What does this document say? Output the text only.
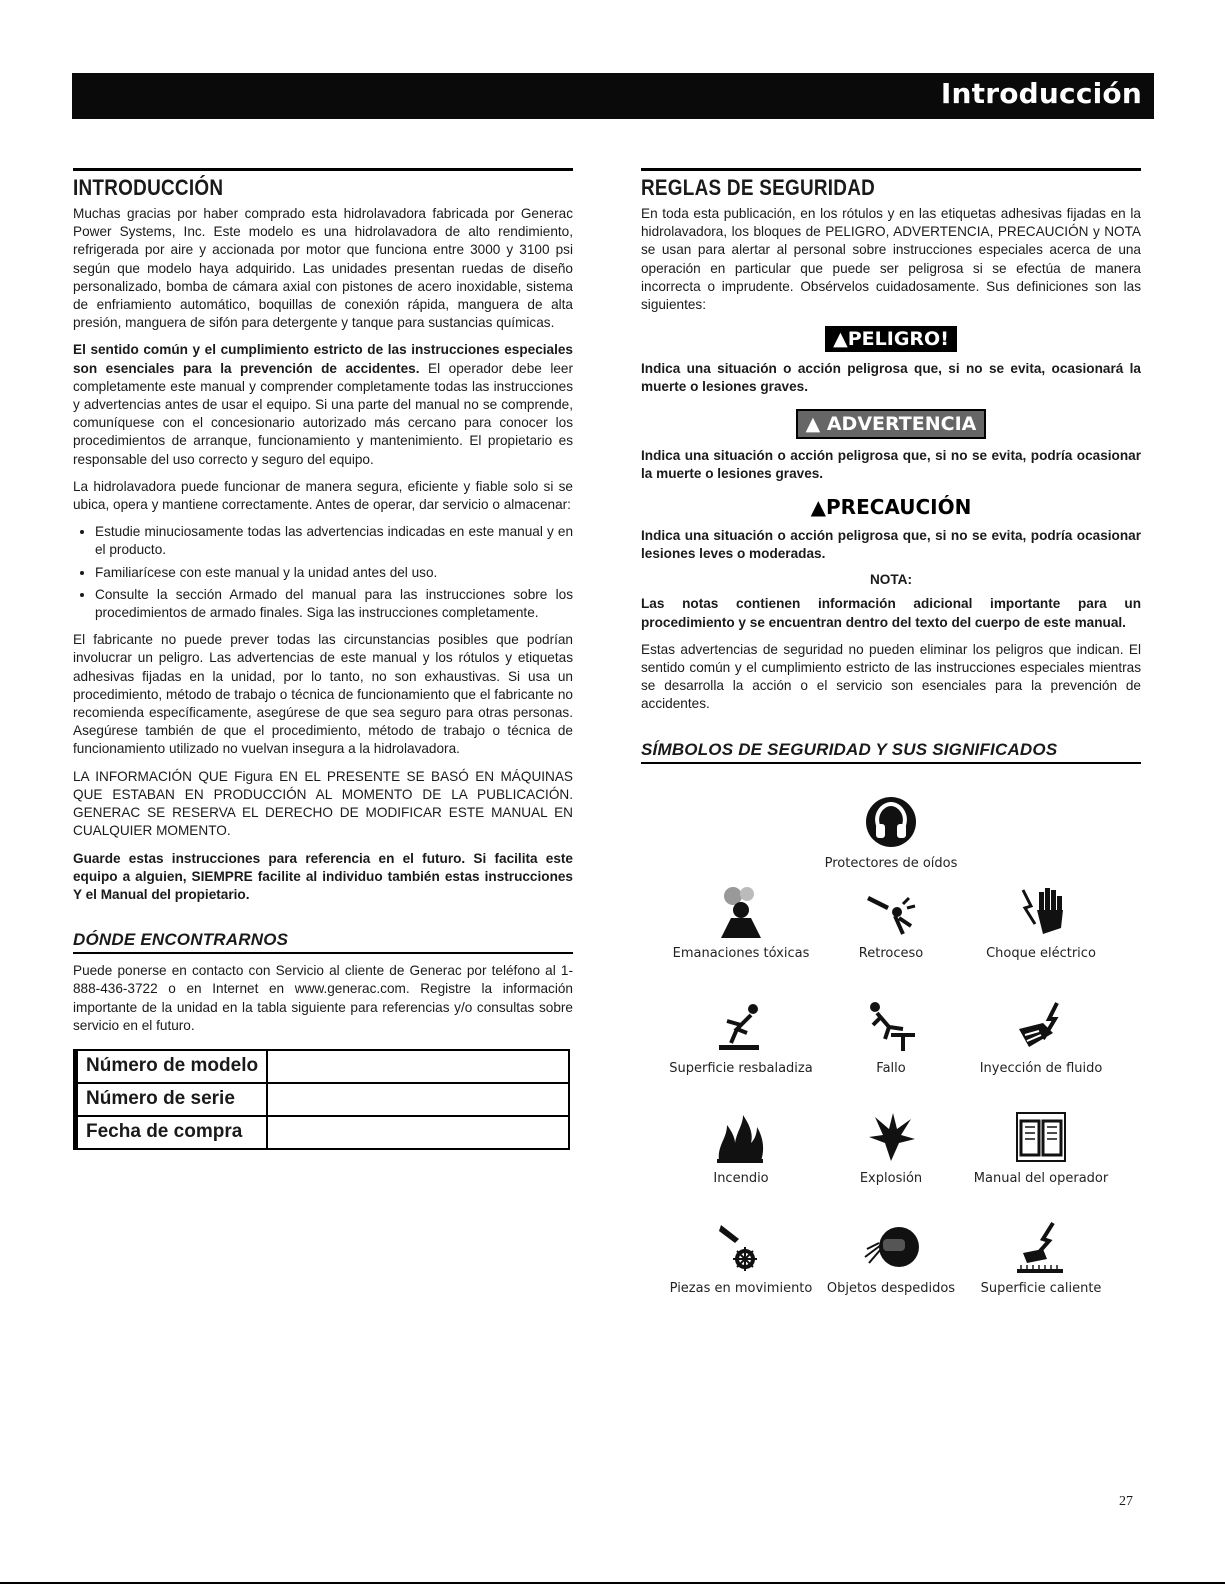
Introducción
INTRODUCCIÓN

Muchas gracias por haber comprado esta hidrolavadora fabricada por Generac Power Systems, Inc. Este modelo es una hidrolavadora de alto rendimiento, refrigerada por aire y accionada por motor que funciona entre 3000 y 3100 psi según que modelo haya adquirido. Las unidades presentan ruedas de diseño personalizado, bomba de cámara axial con pistones de acero inoxidable, sistema de enfriamiento automático, boquillas de conexión rápida, manguera de alta presión, manguera de sifón para detergente y tanque para sustancias químicas.

El sentido común y el cumplimiento estricto de las instrucciones especiales son esenciales para la prevención de accidentes. El operador debe leer completamente este manual y comprender completamente todas las instrucciones y advertencias antes de usar el equipo. Si una parte del manual no se comprende, comuníquese con el concesionario autorizado más cercano para conocer los procedimientos de arranque, funcionamiento y mantenimiento. El propietario es responsable del uso correcto y seguro del equipo.

La hidrolavadora puede funcionar de manera segura, eficiente y fiable solo si se ubica, opera y mantiene correctamente. Antes de operar, dar servicio o almacenar:

• Estudie minuciosamente todas las advertencias indicadas en este manual y en el producto.
• Familiarícese con este manual y la unidad antes del uso.
• Consulte la sección Armado del manual para las instrucciones sobre los procedimientos de armado finales. Siga las instrucciones completamente.

El fabricante no puede prever todas las circunstancias posibles que podrían involucrar un peligro. Las advertencias de este manual y los rótulos y etiquetas adhesivas fijadas en la unidad, por lo tanto, no son exhaustivas. Si usa un procedimiento, método de trabajo o técnica de funcionamiento que el fabricante no recomienda específicamente, asegúrese de que sea seguro para otras personas. Asegúrese también de que el procedimiento, método de trabajo o técnica de funcionamiento utilizado no vuelvan insegura a la hidrolavadora.

LA INFORMACIÓN QUE Figura EN EL PRESENTE SE BASÓ EN MÁQUINAS QUE ESTABAN EN PRODUCCIÓN AL MOMENTO DE LA PUBLICACIÓN. GENERAC SE RESERVA EL DERECHO DE MODIFICAR ESTE MANUAL EN CUALQUIER MOMENTO.

Guarde estas instrucciones para referencia en el futuro. Si facilita este equipo a alguien, SIEMPRE facilite al individuo también estas instrucciones Y el Manual del propietario.

DÓNDE ENCONTRARNOS

Puede ponerse en contacto con Servicio al cliente de Generac por teléfono al 1-888-436-3722 o en Internet en www.generac.com. Registre la información importante de la unidad en la tabla siguiente para referencias y/o consultas sobre servicio en el futuro.

Número de modelo	
Número de serie	
Fecha de compra	
REGLAS DE SEGURIDAD

En toda esta publicación, en los rótulos y en las etiquetas adhesivas fijadas en la hidrolavadora, los bloques de PELIGRO, ADVERTENCIA, PRECAUCIÓN y NOTA se usan para alertar al personal sobre instrucciones especiales acerca de una operación en particular que puede ser peligrosa si se efectúa de manera incorrecta o imprudente. Obsérvelos cuidadosamente. Sus definiciones son las siguientes:

▲PELIGRO!

Indica una situación o acción peligrosa que, si no se evita, ocasionará la muerte o lesiones graves.

▲ ADVERTENCIA

Indica una situación o acción peligrosa que, si no se evita, podría ocasionar la muerte o lesiones graves.

▲PRECAUCIÓN

Indica una situación o acción peligrosa que, si no se evita, podría ocasionar lesiones leves o moderadas.

NOTA:

Las notas contienen información adicional importante para un procedimiento y se encuentran dentro del texto del cuerpo de este manual.

Estas advertencias de seguridad no pueden eliminar los peligros que indican. El sentido común y el cumplimiento estricto de las instrucciones especiales mientras se desarrolla la acción o el servicio son esenciales para la prevención de accidentes.

SÍMBOLOS DE SEGURIDAD Y SUS SIGNIFICADOS
Protectores de oídos
Emanaciones tóxicas	Retroceso	Choque eléctrico
Superficie resbaladiza	Fallo	Inyección de fluido
Incendio	Explosión	Manual del operador
Piezas en movimiento	Objetos despedidos	Superficie caliente
27
